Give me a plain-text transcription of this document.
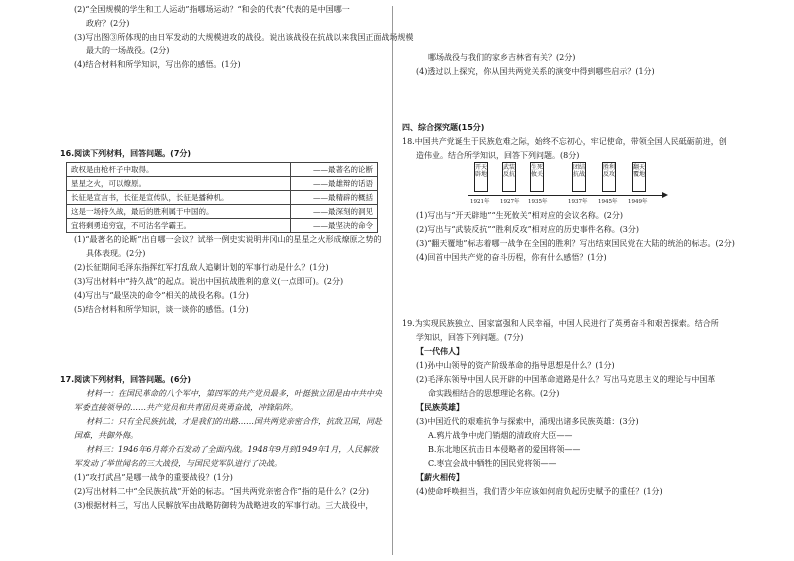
(2)“全国规模的学生和工人运动”指哪场运动？“和会的代表”代表的是中国哪一
政府？(2分)
(3)写出图③所体现的由日军发动的大规模进攻的战役。说出该战役在抗战以来我国正面战场规模
最大的一场战役。(2分)
(4)结合材料和所学知识，写出你的感悟。(1分)
16.阅读下列材料，回答问题。(7分)
政权是由枪杆子中取得。	——最著名的论断
星星之火，可以燎原。	——最雄辩的话语
长征是宣言书，长征是宣传队，长征是播种机。	——最精辟的概括
这是一场持久战，最后的胜利属于中国的。	——最深刻的洞见
宜将剩勇追穷寇，不可沽名学霸王。	——最坚决的命令
(1)“最著名的论断”出自哪一会议？试举一例史实说明井冈山的星星之火形成燎原之势的
具体表现。(2分)
(2)长征期间毛泽东指挥红军打乱敌人追剿计划的军事行动是什么？(1分)
(3)写出材料中“持久战”的起点。说出中国抗战胜利的意义(一点即可)。(2分)
(4)写出与“最坚决的命令”相关的战役名称。(1分)
(5)结合材料和所学知识，谈一谈你的感悟。(1分)
17.阅读下列材料，回答问题。(6分)
材料一：在国民革命的八个军中，第四军的共产党员最多，叶挺独立团是由中共中央
军委直接领导的……共产党员和共青团员英勇奋战，冲锋陷阵。
材料二：只有全民族抗战，才是我们的出路……国共两党亲密合作，抗敌卫国，同赴
国难，共御外侮。
材料三：1946年6月蒋介石发动了全面内战。1948年9月到1949年1月，人民解放
军发动了举世闻名的三大战役，与国民党军队进行了决战。
(1)“攻打武昌”是哪一战争的重要战役？(1分)
(2)写出材料二中“全民族抗战”开始的标志。“国共两党亲密合作”指的是什么？(2分)
(3)根据材料三，写出人民解放军由战略防御转为战略进攻的军事行动。三大战役中，
哪场战役与我们的家乡吉林省有关？(2分)
(4)透过以上探究，你从国共两党关系的演变中得到哪些启示？(1分)
四、综合探究题(15分)
18.中国共产党诞生于民族危难之际，始终不忘初心，牢记使命，带领全国人民砥砺前进，创
造伟业。结合所学知识，回答下列问题。(8分)
(1)写出与“开天辟地”“生死攸关”相对应的会议名称。(2分)
(2)写出与“武装反抗”“胜利反攻”相对应的历史事件名称。(3分)
(3)“翻天覆地”标志着哪一战争在全国的胜利？写出结束国民党在大陆的统治的标志。(2分)
(4)回首中国共产党的奋斗历程，你有什么感悟？(1分)
19.为实现民族独立、国家富强和人民幸福，中国人民进行了英勇奋斗和艰苦探索。结合所
学知识，回答下列问题。(7分)
【一代伟人】
(1)孙中山领导的资产阶级革命的指导思想是什么？(1分)
(2)毛泽东领导中国人民开辟的中国革命道路是什么？写出马克思主义的理论与中国革
命实践相结合的思想理论名称。(2分)
【民族英雄】
(3)中国近代的艰难抗争与探索中，涌现出诸多民族英雄：(3分)
A.鸦片战争中虎门销烟的清政府大臣——
B.东北地区抗击日本侵略者的爱国将领——
C.枣宜会战中牺牲的国民党将领——
【薪火相传】
(4)使命呼唤担当，我们青少年应该如何肩负起历史赋予的重任？(1分)
开天辟地
武装反抗
生死攸关
团结抗战
胜利反攻
翻天覆地
1921年 1927年 1935年	1937年 1945年 1949年
